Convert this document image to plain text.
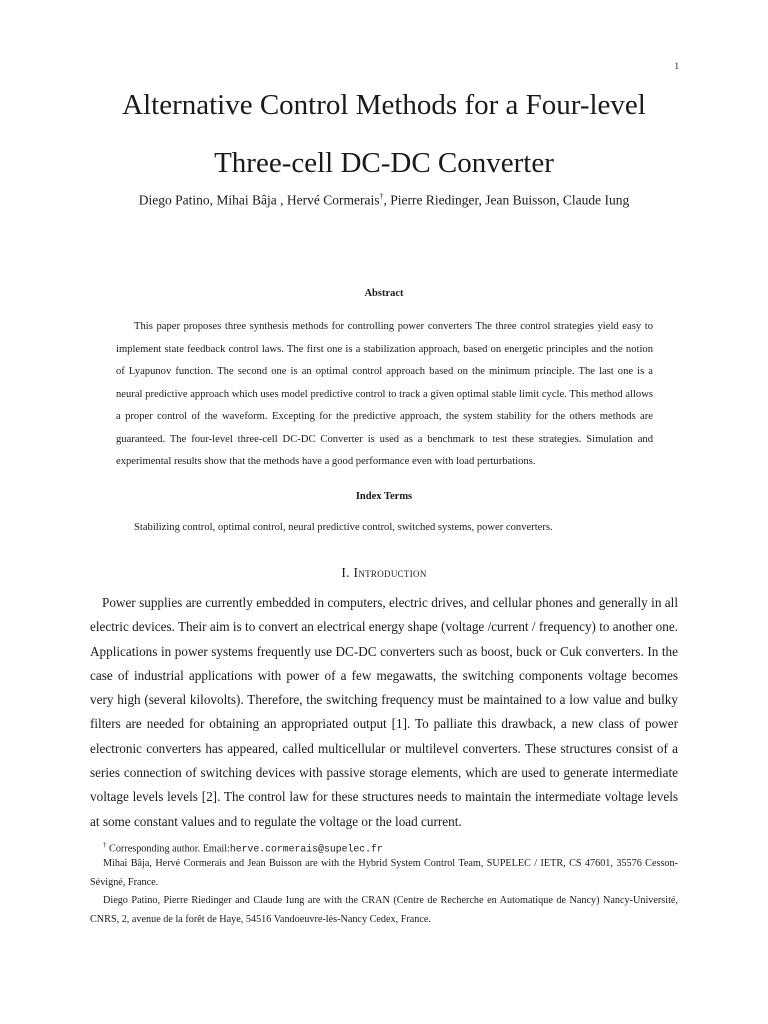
1
Alternative Control Methods for a Four-level
Three-cell DC-DC Converter
Diego Patino, Mihai Bâja , Hervé Cormerais†, Pierre Riedinger, Jean Buisson, Claude Iung
Abstract

This paper proposes three synthesis methods for controlling power converters The three control strategies yield easy to implement state feedback control laws. The first one is a stabilization approach, based on energetic principles and the notion of Lyapunov function. The second one is an optimal control approach based on the minimum principle. The last one is a neural predictive approach which uses model predictive control to track a given optimal stable limit cycle. This method allows a proper control of the waveform. Excepting for the predictive approach, the system stability for the others methods are guaranteed. The four-level three-cell DC-DC Converter is used as a benchmark to test these strategies. Simulation and experimental results show that the methods have a good performance even with load perturbations.

Index Terms
Stabilizing control, optimal control, neural predictive control, switched systems, power converters.
I. Introduction

Power supplies are currently embedded in computers, electric drives, and cellular phones and generally in all electric devices. Their aim is to convert an electrical energy shape (voltage /current / frequency) to another one. Applications in power systems frequently use DC-DC converters such as boost, buck or Cuk converters. In the case of industrial applications with power of a few megawatts, the switching components voltage becomes very high (several kilovolts). Therefore, the switching frequency must be maintained to a low value and bulky filters are needed for obtaining an appropriated output [1]. To palliate this drawback, a new class of power electronic converters has appeared, called multicellular or multilevel converters. These structures consist of a series connection of switching devices with passive storage elements, which are used to generate intermediate voltage levels levels [2]. The control law for these structures needs to maintain the intermediate voltage levels at some constant values and to regulate the voltage or the load current.

† Corresponding author. Email:herve.cormerais@supelec.fr

Mihai Bâja, Hervé Cormerais and Jean Buisson are with the Hybrid System Control Team, SUPELEC / IETR, CS 47601, 35576 Cesson-Sévigné, France.

Diego Patino, Pierre Riedinger and Claude Iung are with the CRAN (Centre de Recherche en Automatique de Nancy) Nancy-Université, CNRS, 2, avenue de la forêt de Haye, 54516 Vandoeuvre-lès-Nancy Cedex, France.
